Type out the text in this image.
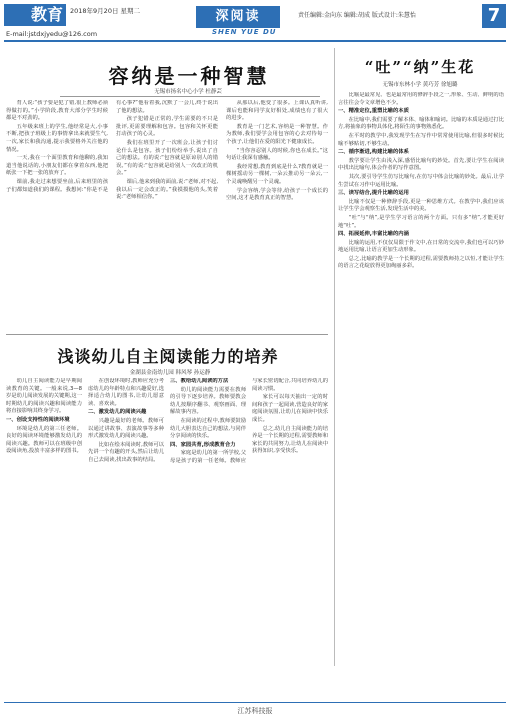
教育	2018年9月20日 星期二
E-mail:jstdxjyedu@126.com
深阅读
SHEN YUE DU
责任编辑:金向东 编辑:胡成 版式设计:朱慧怡	7
容纳是一种智慧
无锡市扬名中心小学 杜静芸

育人说:“孩子要是犯了错,很上教师必须得做打的。”小学阶段,教育大部分学生时候都是不对劲的。

五年级来班上的学生,他经常是大,小事不断,把孩子班级上的事情拿出来就要生气,一次,家长和我沟通,提示我要格外关注他的情况。

一天,我在一个面里教育和他聊的,我知道当他说话的,小朋友们都在拿着东西,他把纸张一下把一张的放弃了。

课前,我走过来想要坐前,后来班里的孩子们都知道我们的课程。我想问:“你是不是有心事?”他看着我,沉默了一会儿,终于说出了他的想法。

孩子犯错是正常的,学生需要的不只是批评,更需要理解和包容。包容和关怀更能打动孩子的心灵。

我们在班里开了一次班会,让孩子们讨论什么是包容。孩子们纷纷举手,说出了自己的想法。有的说:“包容就是原谅别人的错误。”有的说:“包容就是给别人一次改正的机会。”

课后,他来到我的面前,说:“老师,对不起,我以后一定会改正的。”我摸摸他的头,笑着说:“老师相信你。”

从那以后,他变了很多。上课认真听讲,课后也能和同学友好相处,成绩也有了很大的进步。

教育是一门艺术,容纳是一种智慧。作为教师,我们要学会用包容的心去对待每一个孩子,让他们在爱的阳光下健康成长。

“当你容忍别人的时候,你也在成长。”这句话让我深有感触。

我经常想,教育到底是什么?教育就是一棵树摇动另一棵树,一朵云推动另一朵云,一个灵魂唤醒另一个灵魂。

学会容纳,学会等待,给孩子一个成长的空间,这才是教育真正的智慧。

“吐”“纳”生花
无锡市东林小学 黄巧芳 徐旭璐

比喻是最常见、也是最常用的修辞手段之一,形象、生动、鲜明的语言往往会令文章增色不少。

一、精准定位,重塑比喻的本质

在比喻中,我们需要了解本体、喻体和喻词。比喻的本质是通过打比方,将抽象的事物具体化,将陌生的事物熟悉化。

在平时的教学中,我发现学生在写作中常常使用比喻,但很多时候比喻不够贴切,不够生动。

二、循序渐进,构建比喻的体系

教学要让学生由浅入深,感悟比喻句的妙处。首先,要让学生在阅读中找出比喻句,体会作者的写作意图。

其次,要引导学生仿写比喻句,在仿写中体会比喻的妙处。最后,让学生尝试在习作中运用比喻。

三、读写结合,提升比喻的运用

比喻不仅是一种修辞手段,更是一种思维方式。在教学中,我们应该让学生学会观察生活,发现生活中的美。

“吐”与“纳”,是学生学习语言的两个方面。只有多“纳”,才能更好地“吐”。

四、拓展延伸,丰富比喻的内涵

比喻的运用,不仅仅局限于作文中,在日常的交流中,我们也可以巧妙地运用比喻,让语言更加生动形象。

总之,比喻的教学是一个长期的过程,需要教师持之以恒,才能让学生的语言之花绽放得更加绚丽多彩。

浅谈幼儿自主阅读能力的培养
金湖县金南幼儿园 韩风琴 孙运静

幼儿自主阅读能力是早期阅读教育的关键。一般来说,3—8岁是幼儿阅读发展的关键期,这一时期幼儿的阅读兴趣和阅读能力将直接影响其终身学习。

一、创设支持性的阅读环境

环境是幼儿的第三任老师。良好的阅读环境能够激发幼儿的阅读兴趣。教师可以在班级中创设阅读角,投放丰富多样的图书。

在创设环境时,教师应充分考虑幼儿的年龄特点和兴趣爱好,选择适合幼儿的图书,让幼儿愿意读、喜欢读。

二、激发幼儿的阅读兴趣

兴趣是最好的老师。教师可以通过讲故事、表演故事等多种形式激发幼儿的阅读兴趣。

比如在绘本阅读时,教师可以先讲一个有趣的开头,然后让幼儿自己去阅读,找出故事的结局。

三、教给幼儿阅读的方法

幼儿的阅读能力需要在教师的引导下逐步培养。教师要教会幼儿按顺序翻书、观察画面、理解故事内容。

在阅读的过程中,教师要鼓励幼儿大胆表达自己的想法,与同伴分享阅读的快乐。

四、家园共育,形成教育合力

家庭是幼儿的第一所学校,父母是孩子的第一任老师。教师应与家长密切配合,共同培养幼儿的阅读习惯。

家长可以每天抽出一定的时间和孩子一起阅读,营造良好的家庭阅读氛围,让幼儿在阅读中快乐成长。

总之,幼儿自主阅读能力的培养是一个长期的过程,需要教师和家长的共同努力,让幼儿在阅读中获得知识,享受快乐。

江苏科技报
